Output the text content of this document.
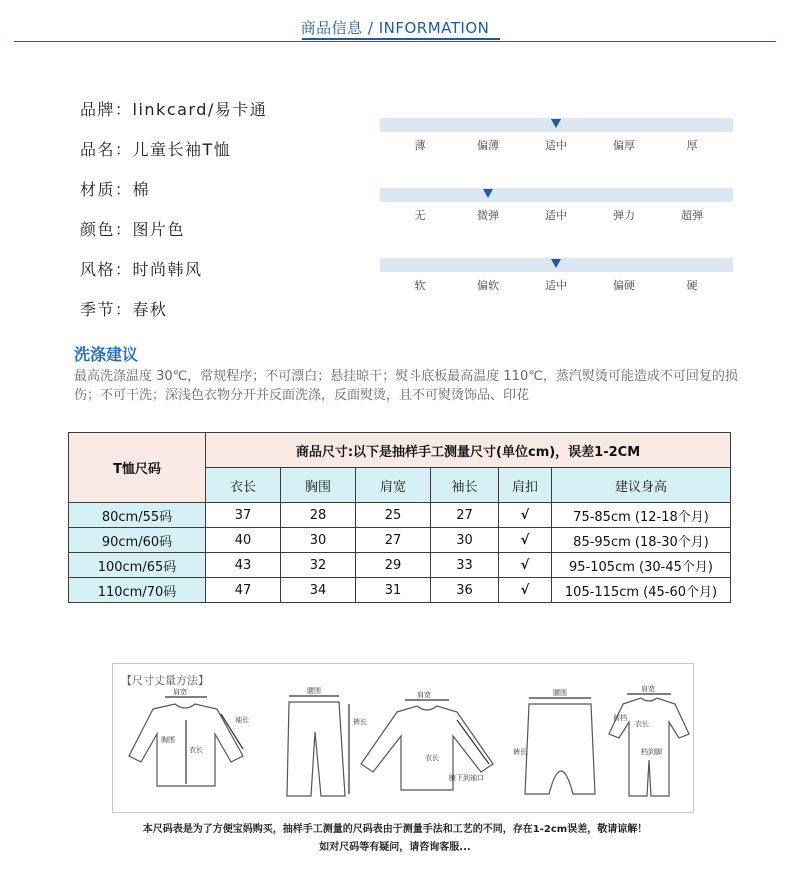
商品信息 / INFORMATION
品牌：linkcard/易卡通
品名：儿童长袖T恤
材质：棉
颜色：图片色
风格：时尚韩风
季节：春秋
薄	偏薄	适中	偏厚	厚
无	微弹	适中	弹力	超弹
软	偏软	适中	偏硬	硬
洗涤建议
最高洗涤温度 30℃，常规程序；不可漂白；悬挂晾干；熨斗底板最高温度 110℃，蒸汽熨烫可能造成不可回复的损伤；不可干洗；深浅色衣物分开并反面洗涤，反面熨烫，且不可熨烫饰品、印花
T恤尺码	商品尺寸:以下是抽样手工测量尺寸(单位cm)，误差1-2CM					
	衣长	胸围	肩宽	袖长	肩扣	建议身高
80cm/55码	37	28	25	27	√	75-85cm (12-18个月)
90cm/60码	40	30	27	30	√	85-95cm (18-30个月)
100cm/65码	43	32	29	33	√	95-105cm (30-45个月)
110cm/70码	47	34	31	36	√	105-115cm (45-60个月)
【尺寸丈量方法】
肩宽
胸围
衣长
袖长
腰围
裤长
肩宽
衣长
腋下到袖口
腰围
裤长
肩宽
衣长
档到脚
前档
本尺码表是为了方便宝妈购买，抽样手工测量的尺码表由于测量手法和工艺的不同，存在1-2cm误差，敬请谅解！
如对尺码等有疑问，请咨询客服...
